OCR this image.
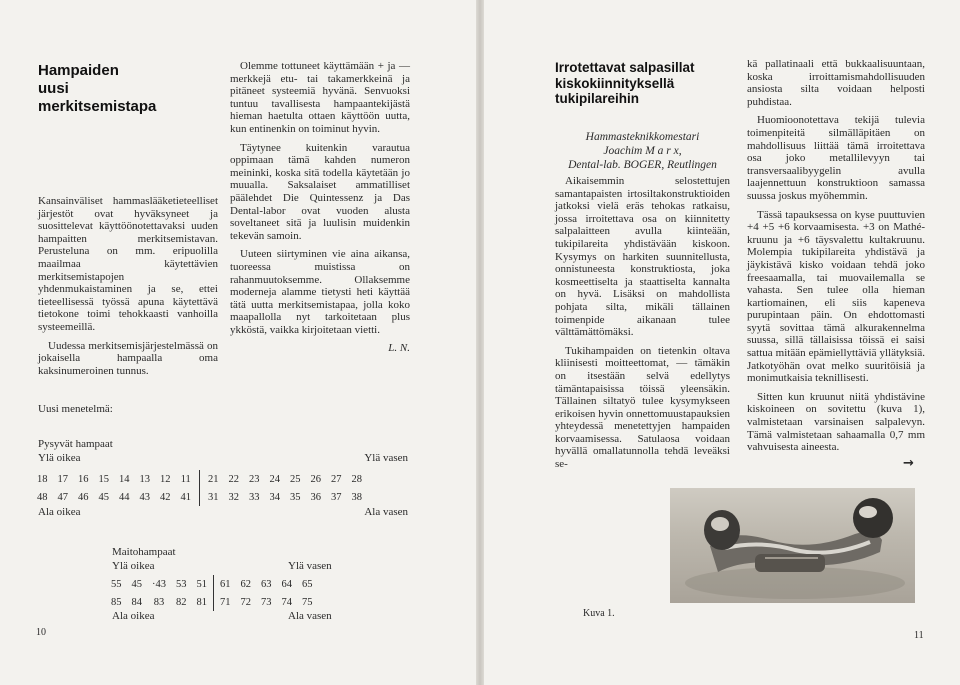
Hampaiden
uusi
merkitsemistapa

Kansainväliset hammaslääketieteelliset järjestöt ovat hyväksyneet ja suosittelevat käyttöönotettavaksi uuden hampaitten merkitsemistavan. Perusteluna on mm. eripuolilla maailmaa käytettävien merkitsemistapojen yhdenmukaistaminen ja se, ettei tieteellisessä työssä apuna käytettävä tietokone toimi tehokkaasti vanhoilla systeemeillä.

Uudessa merkitsemisjärjestelmässä on jokaisella hampaalla oma kaksinumeroinen tunnus.

Olemme tottuneet käyttämään + ja — merkkejä etu- tai takamerkkeinä ja pitäneet systeemiä hyvänä. Senvuoksi tuntuu tavallisesta hampaantekijästä hieman haetulta ottaen käyttöön uutta, kun entinenkin on toiminut hyvin.

Täytynee kuitenkin varautua oppimaan tämä kahden numeron meininki, koska sitä todella käytetään jo muualla. Saksalaiset ammatilliset päälehdet Die Quintessenz ja Das Dental-labor ovat vuoden alusta soveltaneet sitä ja luulisin muidenkin tekevän samoin.

Uuteen siirtyminen vie aina aikansa, tuoreessa muistissa on rahanmuutoksemme. Ollaksemme moderneja alamme tietysti heti käyttää tätä uutta merkitsemistapaa, jolla koko maapallolla nyt tarkoitetaan plus ykköstä, vaikka kirjoitetaan vietti.

L. N.
Uusi menetelmä:
Pysyvät hampaat
Ylä oikea	Ylä vasen
18	17	16	15	14	13	12	11	21	22	23	24	25	26	27	28
48	47	46	45	44	43	42	41	31	32	33	34	35	36	37	38
Ala oikea	Ala vasen
Maitohampaat
Ylä oikea	Ylä vasen
55	45	·43	53	51	61	62	63	64	65
85	84	83	82	81	71	72	73	74	75
Ala oikea	Ala vasen
10
Irrotettavat salpasillat
kiskokiinnityksellä
tukipilareihin
Hammasteknikkomestari
Joachim M a r x,
Dental-lab. BOGER, Reutlingen

Aikaisemmin selostettujen samantapaisten irtosiltakonstruktioiden jatkoksi vielä eräs tehokas ratkaisu, jossa irroitettava osa on kiinnitetty salpalaitteen avulla kiinteään, tukipilareita yhdistävään kiskoon. Kysymys on harkiten suunnitellusta, onnistuneesta konstruktiosta, joka kosmeettiselta ja staattiselta kannalta on hyvä. Lisäksi on mahdollista pohjata silta, mikäli tällainen toimenpide aikanaan tulee välttämättömäksi.

Tukihampaiden on tietenkin oltava kliinisesti moitteettomat, — tämäkin on itsestään selvä edellytys tämäntapaisissa töissä yleensäkin. Tällainen siltatyö tulee kysymykseen erikoisen hyvin onnettomuustapauksien yhteydessä menetettyjen hampaiden korvaamisessa. Satulaosa voidaan hyvällä omallatunnolla tehdä leveäksi se-

kä pallatinaali että bukkaalisuuntaan, koska irroittamismahdollisuuden ansiosta silta voidaan helposti puhdistaa.

Huomioonotettava tekijä tulevia toimenpiteitä silmälläpitäen on mahdollisuus liittää tämä irroitettava osa joko metallilevyyn tai transversaalibyygelin avulla laajennettuun konstruktioon samassa suussa joskus myöhemmin.

Tässä tapauksessa on kyse puuttuvien +4 +5 +6 korvaamisesta. +3 on Mathé-kruunu ja +6 täysvalettu kultakruunu. Molempia tukipilareita yhdistävä ja jäykistävä kisko voidaan tehdä joko freesaamalla, tai muovailemalla se vahasta. Sen tulee olla hieman kartiomainen, eli siis kapeneva purupintaan päin. On ehdottomasti syytä sovittaa tämä alkurakennelma suussa, sillä tällaisissa töissä ei saisi sattua mitään epämiellyttäviä yllätyksiä. Jatkotyöhän ovat melko suuritöisiä ja monimutkaisia teknillisesti.

Sitten kun kruunut niitä yhdistävine kiskoineen on sovitettu (kuva 1), valmistetaan varsinaisen salpalevyn. Tämä valmistetaan sahaamalla 0,7 mm vahvuisesta aineesta.

→
Kuva 1.
11
